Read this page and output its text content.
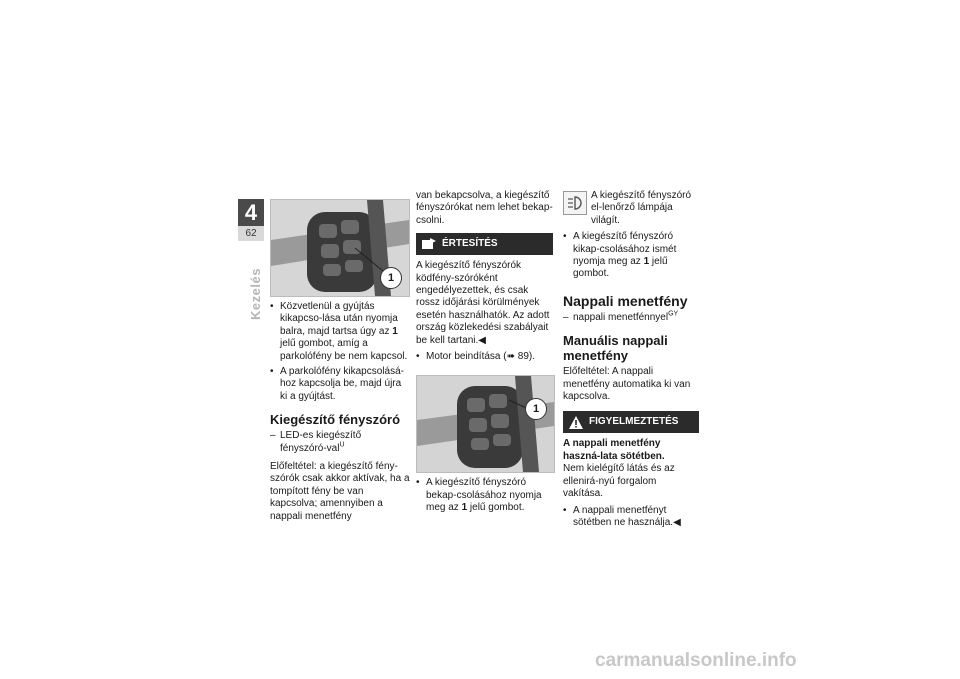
4
62
Kezelés	1
• Közvetlenül a gyújtás kikapcso-lása után nyomja balra, majd tartsa úgy az 1 jelű gombot, amíg a parkolófény be nem kapcsol.
• A parkolófény kikapcsolásá-hoz kapcsolja be, majd újra ki a gyújtást.
Kiegészítő fényszóró
– LED-es kiegészítő fényszóró-val$^U$

Előfeltétel: a kiegészítő fény-szórók csak akkor aktívak, ha a tompított fény be van kapcsolva; amennyiben a nappali menetfény

van bekapcsolva, a kiegészítő fényszórókat nem lehet bekap-csolni.
ÉRTESÍTÉS
A kiegészítő fényszórók ködfény-szóróként engedélyezettek, és csak rossz időjárási körülmények esetén használhatók. Az adott ország közlekedési szabályait be kell tartani.◀
• Motor beindítása (➠ 89).
1
• A kiegészítő fényszóró bekap-csolásához nyomja meg az 1 jelű gombot.
A kiegészítő fényszóró el-lenőrző lámpája világít.
• A kiegészítő fényszóró kikap-csolásához ismét nyomja meg az 1 jelű gombot.
Nappali menetfény
– nappali menetfénnyel$^{GY}$
Manuális nappali menetfény
Előfeltétel: A nappali menetfény automatika ki van kapcsolva.
FIGYELMEZTETÉS
A nappali menetfény haszná-lata sötétben.
Nem kielégítő látás és az ellenirá-nyú forgalom vakítása.
• A nappali menetfényt sötétben ne használja.◀
carmanualsonline.info
